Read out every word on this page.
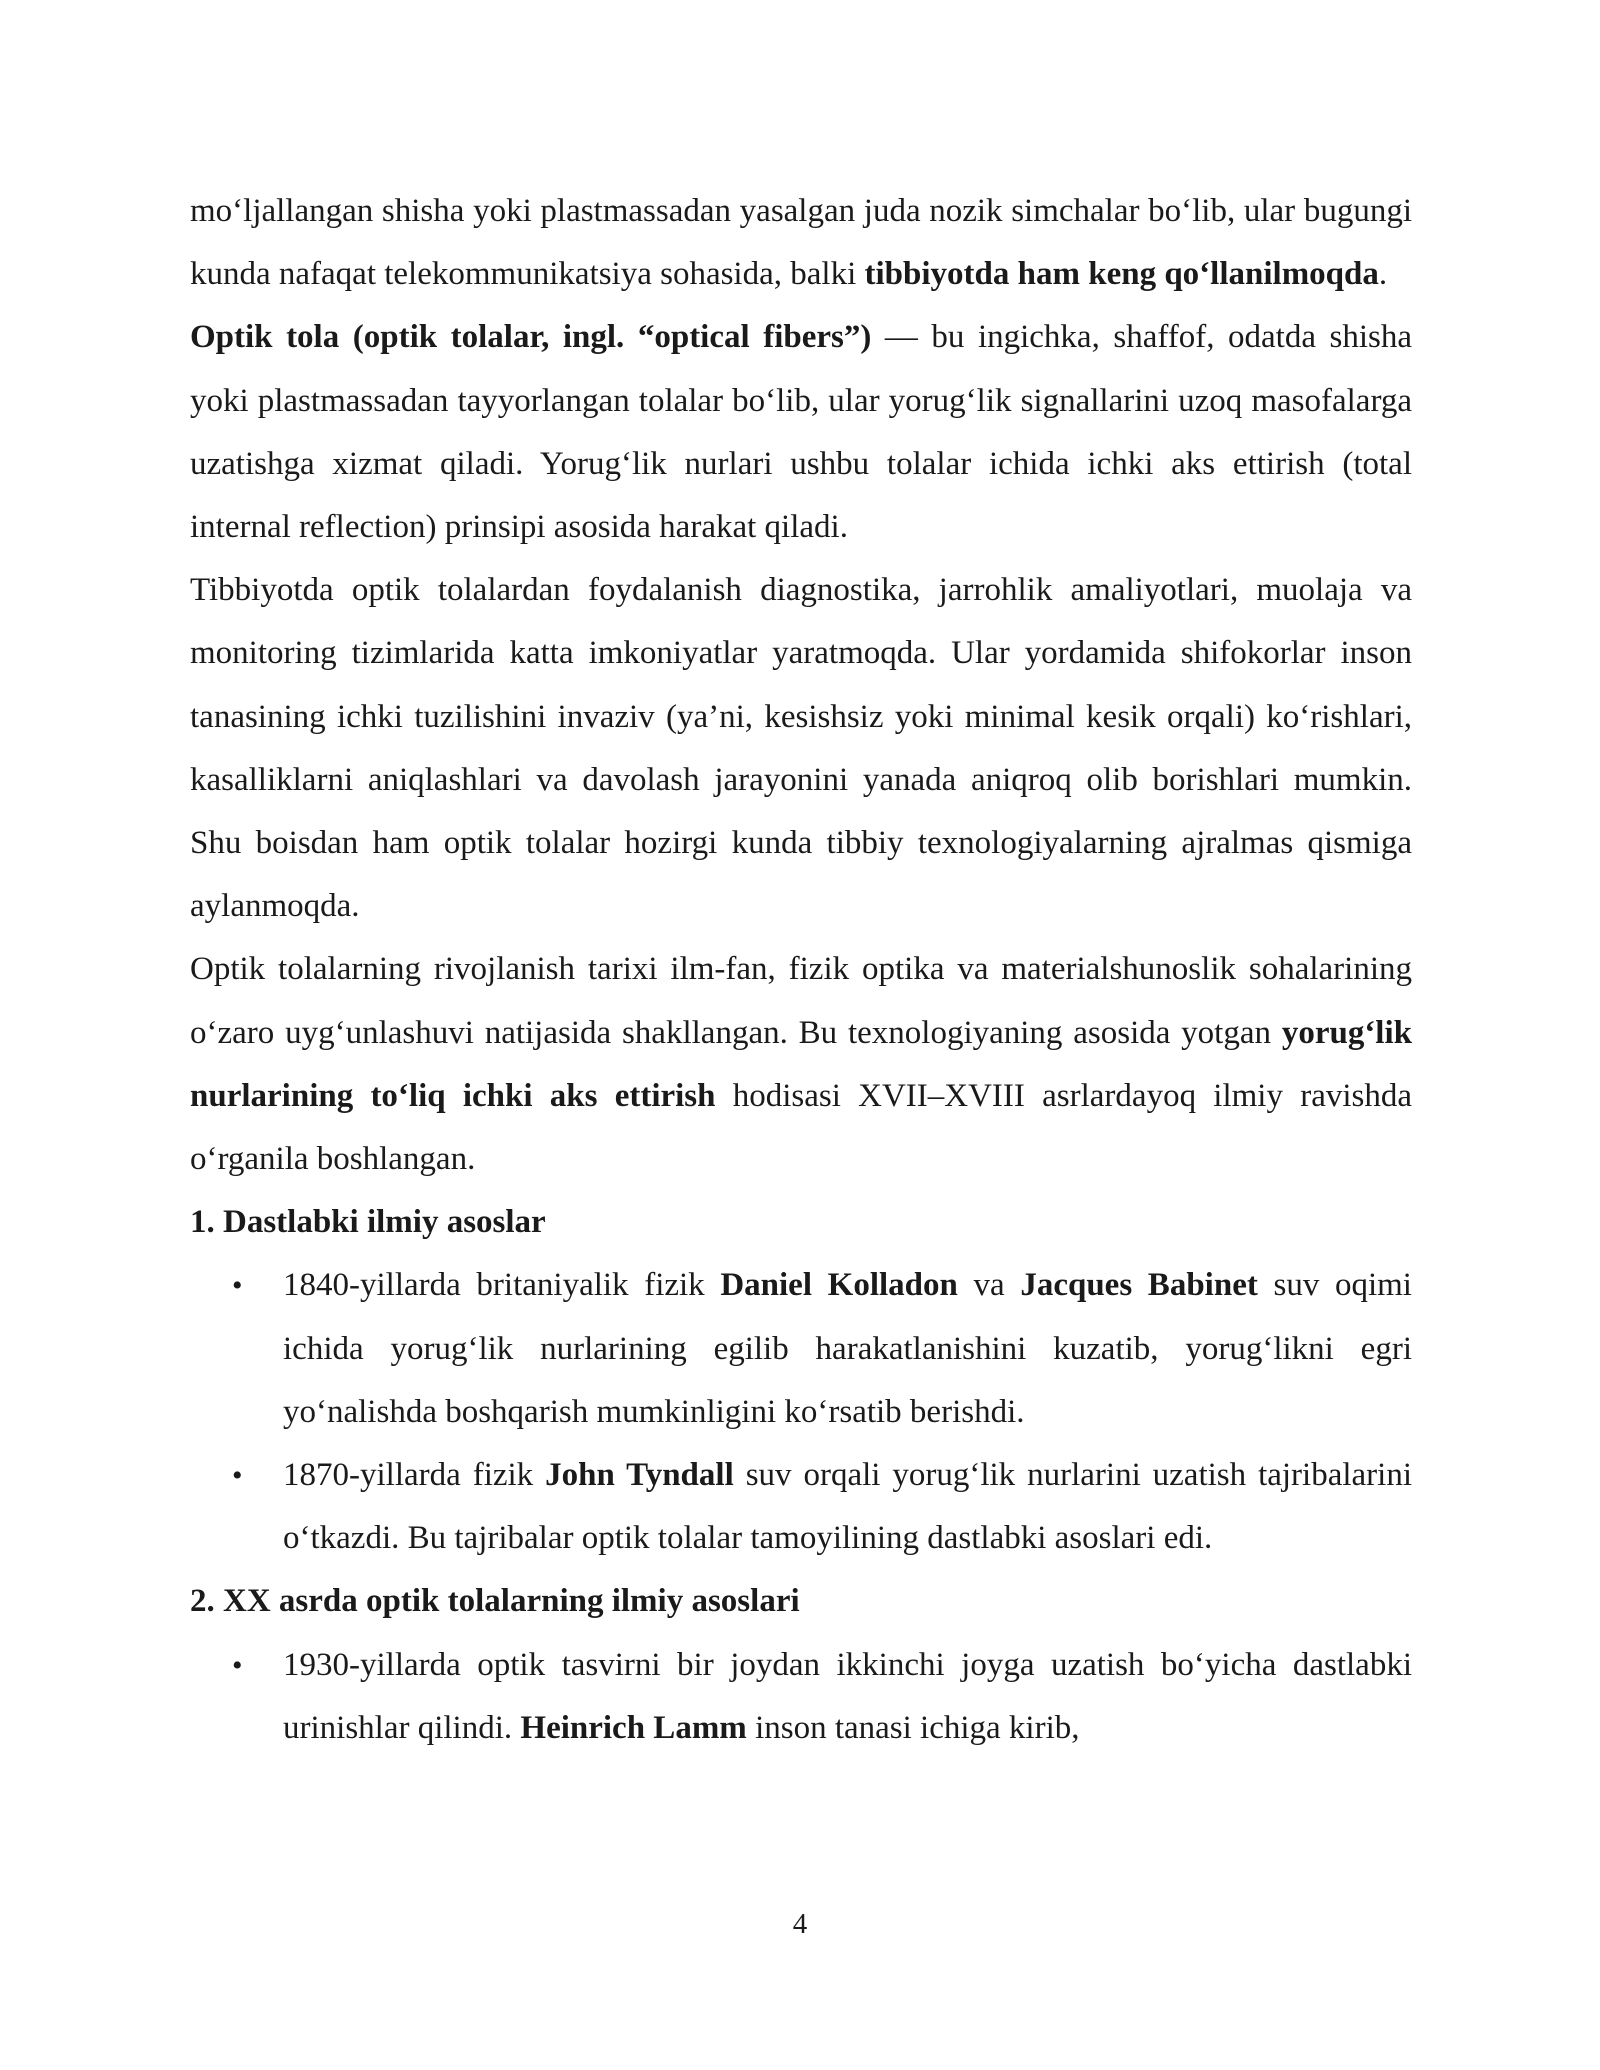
mo‘ljallangan shisha yoki plastmassadan yasalgan juda nozik simchalar bo‘lib, ular bugungi kunda nafaqat telekommunikatsiya sohasida, balki tibbiyotda ham keng qo‘llanilmoqda.

Optik tola (optik tolalar, ingl. “optical fibers”) — bu ingichka, shaffof, odatda shisha yoki plastmassadan tayyorlangan tolalar bo‘lib, ular yorug‘lik signallarini uzoq masofalarga uzatishga xizmat qiladi. Yorug‘lik nurlari ushbu tolalar ichida ichki aks ettirish (total internal reflection) prinsipi asosida harakat qiladi.

Tibbiyotda optik tolalardan foydalanish diagnostika, jarrohlik amaliyotlari, muolaja va monitoring tizimlarida katta imkoniyatlar yaratmoqda. Ular yordamida shifokorlar inson tanasining ichki tuzilishini invaziv (ya’ni, kesishsiz yoki minimal kesik orqali) ko‘rishlari, kasalliklarni aniqlashlari va davolash jarayonini yanada aniqroq olib borishlari mumkin. Shu boisdan ham optik tolalar hozirgi kunda tibbiy texnologiyalarning ajralmas qismiga aylanmoqda.

Optik tolalarning rivojlanish tarixi ilm-fan, fizik optika va materialshunoslik sohalarining o‘zaro uyg‘unlashuvi natijasida shakllangan. Bu texnologiyaning asosida yotgan yorug‘lik nurlarining to‘liq ichki aks ettirish hodisasi XVII–XVIII asrlardayoq ilmiy ravishda o‘rganila boshlangan.

1. Dastlabki ilmiy asoslar
• 1840-yillarda britaniyalik fizik Daniel Kolladon va Jacques Babinet suv oqimi ichida yorug‘lik nurlarining egilib harakatlanishini kuzatib, yorug‘likni egri yo‘nalishda boshqarish mumkinligini ko‘rsatib berishdi.
• 1870-yillarda fizik John Tyndall suv orqali yorug‘lik nurlarini uzatish tajribalarini o‘tkazdi. Bu tajribalar optik tolalar tamoyilining dastlabki asoslari edi.
2. XX asrda optik tolalarning ilmiy asoslari
• 1930-yillarda optik tasvirni bir joydan ikkinchi joyga uzatish bo‘yicha dastlabki urinishlar qilindi. Heinrich Lamm inson tanasi ichiga kirib,
4
